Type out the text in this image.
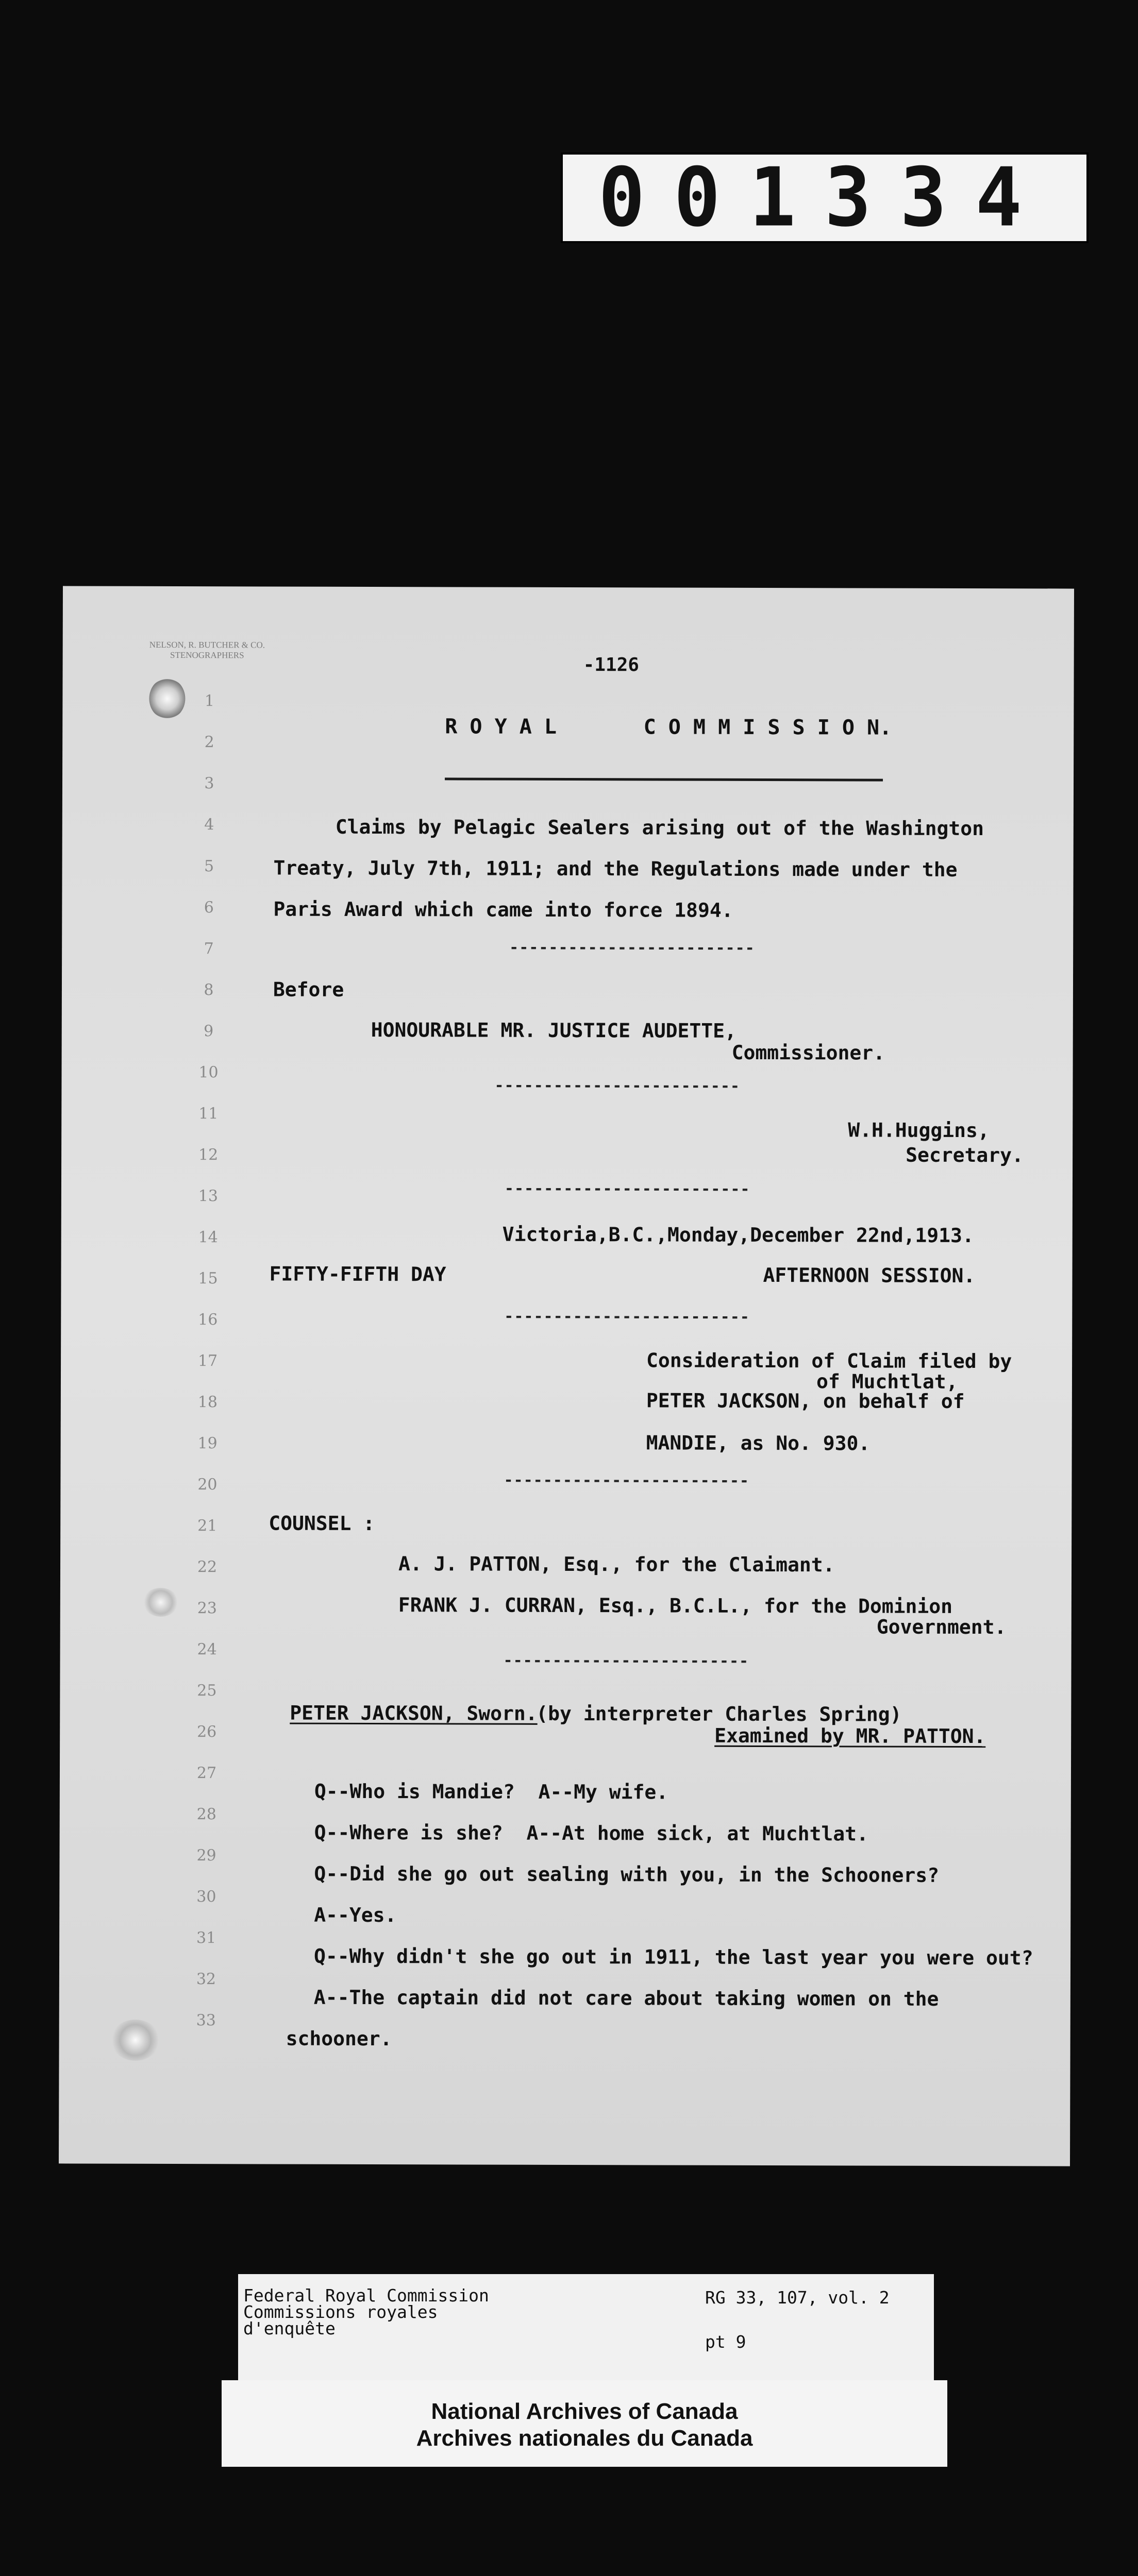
001334
NELSON, R. BUTCHER & CO.
STENOGRAPHERS	-1126
1
2
3
4
5
6
7
8
9
10
11
12
13
14
15
16
17
18
19
20
21
22
23
24
25
26
27
28
29
30
31
32
33
R O Y A L       C O M M I S S I O N.
Claims by Pelagic Sealers arising out of the Washington
Treaty, July 7th, 1911; and the Regulations made under the
Paris Award which came into force 1894.
-------------------------
Before
HONOURABLE MR. JUSTICE AUDETTE,
Commissioner.
-------------------------
W.H.Huggins,
Secretary.
-------------------------
Victoria,B.C.,Monday,December 22nd,1913.
FIFTY-FIFTH DAY	AFTERNOON SESSION.
-------------------------
Consideration of Claim filed by
of Muchtlat,
PETER JACKSON, on behalf of
MANDIE, as No. 930.
-------------------------
COUNSEL :
A. J. PATTON, Esq., for the Claimant.
FRANK J. CURRAN, Esq., B.C.L., for the Dominion
Government.
-------------------------
PETER JACKSON, Sworn.
(by interpreter Charles Spring)
Examined by MR. PATTON.
Q--Who is Mandie?  A--My wife.
Q--Where is she?  A--At home sick, at Muchtlat.
Q--Did she go out sealing with you, in the Schooners?
A--Yes.
Q--Why didn't she go out in 1911, the last year you were out?
A--The captain did not care about taking women on the
schooner.
Federal Royal Commission
Commissions royales
d'enquête
RG 33, 107, vol. 2
pt 9
National Archives of Canada
Archives nationales du Canada
